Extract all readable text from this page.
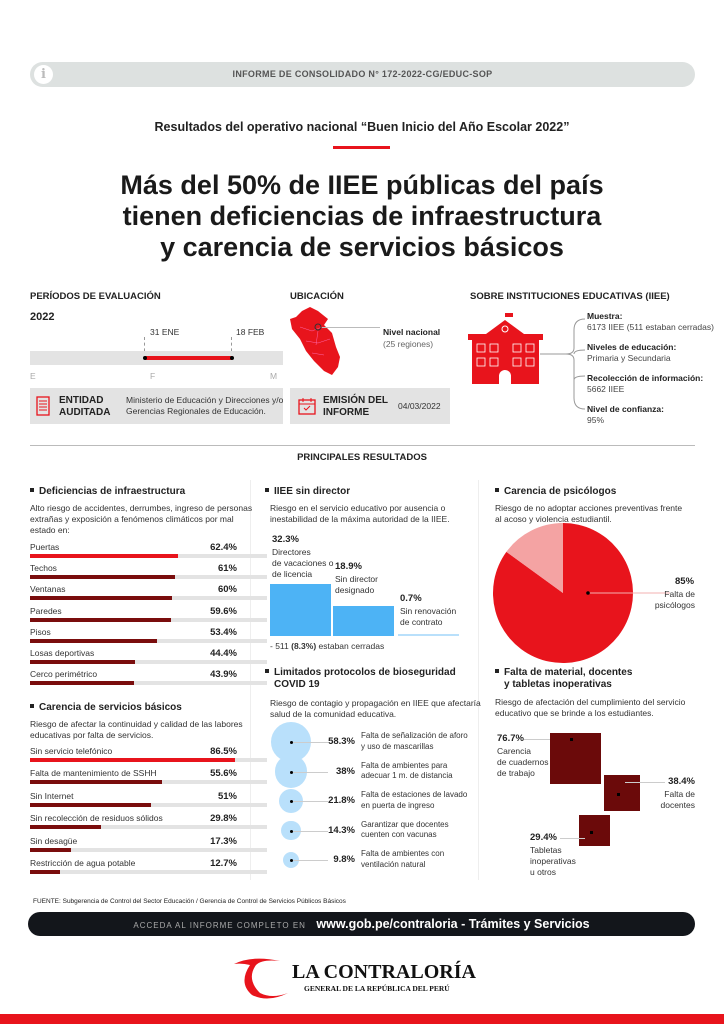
i	INFORME DE CONSOLIDADO N° 172-2022-CG/EDUC-SOP
Resultados del operativo nacional “Buen Inicio del Año Escolar 2022”
Más del 50% de IIEE públicas del país
tienen deficiencias de infraestructura
y carencia de servicios básicos
PERÍODOS DE EVALUACIÓN
2022
31 ENE	18 FEB
E	F	M
ENTIDAD
AUDITADA
Ministerio de Educación y Direcciones y/o
Gerencias Regionales de Educación.
UBICACIÓN
Nivel nacional
(25 regiones)
EMISIÓN DEL
INFORME
04/03/2022
SOBRE INSTITUCIONES EDUCATIVAS (IIEE)
Muestra:
6173 IIEE (511 estaban cerradas)
Niveles de educación:
Primaria y Secundaria
Recolección de información:
5662 IIEE
Nivel de confianza:
95%
PRINCIPALES RESULTADOS
Deficiencias de infraestructura
Alto riesgo de accidentes, derrumbes, ingreso de personas
extrañas y exposición a fenómenos climáticos por mal
estado en:
Puertas	62.4%
Techos	61%
Ventanas	60%
Paredes	59.6%
Pisos	53.4%
Losas deportivas	44.4%
Cerco perimétrico	43.9%
Carencia de servicios básicos
Riesgo de afectar la continuidad y calidad de las labores
educativas por falta de servicios.
Sin servicio telefónico	86.5%
Falta de mantenimiento de SSHH	55.6%
Sin Internet	51%
Sin recolección de residuos sólidos	29.8%
Sin desagüe	17.3%
Restricción de agua potable	12.7%
IIEE sin director
Riesgo en el servicio educativo por ausencia o
inestabilidad de la máxima autoridad de la IIEE.
32.3%
Directores
de vacaciones o
de licencia
18.9%
Sin director
designado
0.7%
Sin renovación
de contrato
- 511 (8.3%) estaban cerradas
Limitados protocolos de bioseguridad
COVID 19
Riesgo de contagio y propagación en IIEE que afectaría
salud de la comunidad educativa.
58.3%
Falta de señalización de aforo
y uso de mascarillas
38%
Falta de ambientes para
adecuar 1 m. de distancia
21.8%
Falta de estaciones de lavado
en puerta de ingreso
14.3%
Garantizar que docentes
cuenten con vacunas
9.8%
Falta de ambientes con
ventilación natural
Carencia de psicólogos
Riesgo de no adoptar acciones preventivas frente
al acoso y violencia estudiantil.
85%
Falta de
psicólogos
Falta de material, docentes
y tabletas inoperativas
Riesgo de afectación del cumplimiento del servicio
educativo que se brinde a los estudiantes.
76.7%
Carencia
de cuadernos
de trabajo
38.4%
Falta de
docentes
29.4%
Tabletas
inoperativas
u otros
FUENTE: Subgerencia de Control del Sector Educación / Gerencia de Control de Servicios Públicos Básicos
ACCEDA AL INFORME COMPLETO EN www.gob.pe/contraloria - Trámites y Servicios
LA CONTRALORÍA
GENERAL DE LA REPÚBLICA DEL PERÚ
